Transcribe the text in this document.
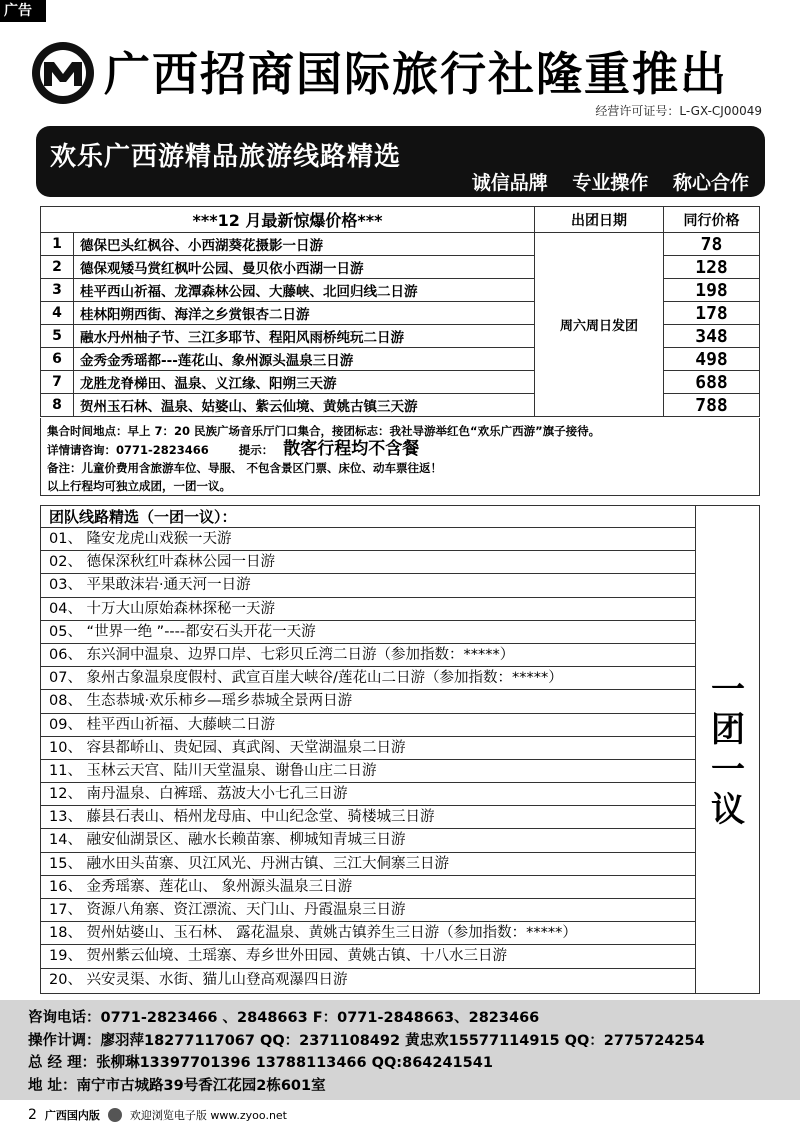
广告
广西招商国际旅行社隆重推出
经营许可证号：L-GX-CJ00049
欢乐广西游精品旅游线路精选
诚信品牌 专业操作 称心合作
***12 月最新惊爆价格***		出团日期	同行价格
1	德保巴头红枫谷、小西湖葵花摄影一日游	周六周日发团	78
2	德保观矮马赏红枫叶公园、曼贝依小西湖一日游		128
3	桂平西山祈福、龙潭森林公园、大藤峡、北回归线二日游		198
4	桂林阳朔西街、海洋之乡赏银杏二日游		178
5	融水丹州柚子节、三江多耶节、程阳风雨桥纯玩二日游		348
6	金秀金秀瑶都---莲花山、象州源头温泉三日游		498
7	龙胜龙脊梯田、温泉、义江缘、阳朔三天游		688
8	贺州玉石林、温泉、姑婆山、紫云仙境、黄姚古镇三天游		788
集合时间地点：早上 7：20 民族广场音乐厅门口集合，接团标志：我社导游举红色“欢乐广西游”旗子接待。
详情请咨询：0771-2823466	提示： 散客行程均不含餐
备注：儿童价费用含旅游车位、导服、 不包含景区门票、床位、动车票往返！
以上行程均可独立成团，一团一议。
团队线路精选（一团一议）：
01、 隆安龙虎山戏猴一天游
02、 德保深秋红叶森林公园一日游
03、 平果敢沫岩·通天河一日游
04、 十万大山原始森林探秘一天游
05、 “世界一绝 ”----都安石头开花一天游
06、 东兴洞中温泉、边界口岸、七彩贝丘湾二日游（参加指数：*****）
07、 象州古象温泉度假村、武宣百崖大峡谷/莲花山二日游（参加指数：*****）
08、 生态恭城·欢乐柿乡—瑶乡恭城全景两日游
09、 桂平西山祈福、大藤峡二日游
10、 容县都峤山、贵妃园、真武阁、天堂湖温泉二日游
11、 玉林云天宫、陆川天堂温泉、谢鲁山庄二日游
12、 南丹温泉、白裤瑶、荔波大小七孔三日游
13、 藤县石表山、梧州龙母庙、中山纪念堂、骑楼城三日游
14、 融安仙湖景区、融水长赖苗寨、柳城知青城三日游
15、 融水田头苗寨、贝江风光、丹洲古镇、三江大侗寨三日游
16、 金秀瑶寨、莲花山、 象州源头温泉三日游
17、 资源八角寨、资江漂流、天门山、丹霞温泉三日游
18、 贺州姑婆山、玉石林、 露花温泉、黄姚古镇养生三日游（参加指数：*****）
19、 贺州紫云仙境、土瑶寨、寿乡世外田园、黄姚古镇、十八水三日游
20、 兴安灵渠、水街、猫儿山登高观瀑四日游
一
团
一
议
咨询电话：0771-2823466 、2848663 F：0771-2848663、2823466
操作计调：廖羽萍18277117067 QQ：2371108492 黄忠欢15577114915 QQ：2775724254
总 经 理：张柳琳13397701396 13788113466 QQ:864241541
地 址：南宁市古城路39号香江花园2栋601室
2 广西国内版	欢迎浏览电子版 www.zyoo.net
